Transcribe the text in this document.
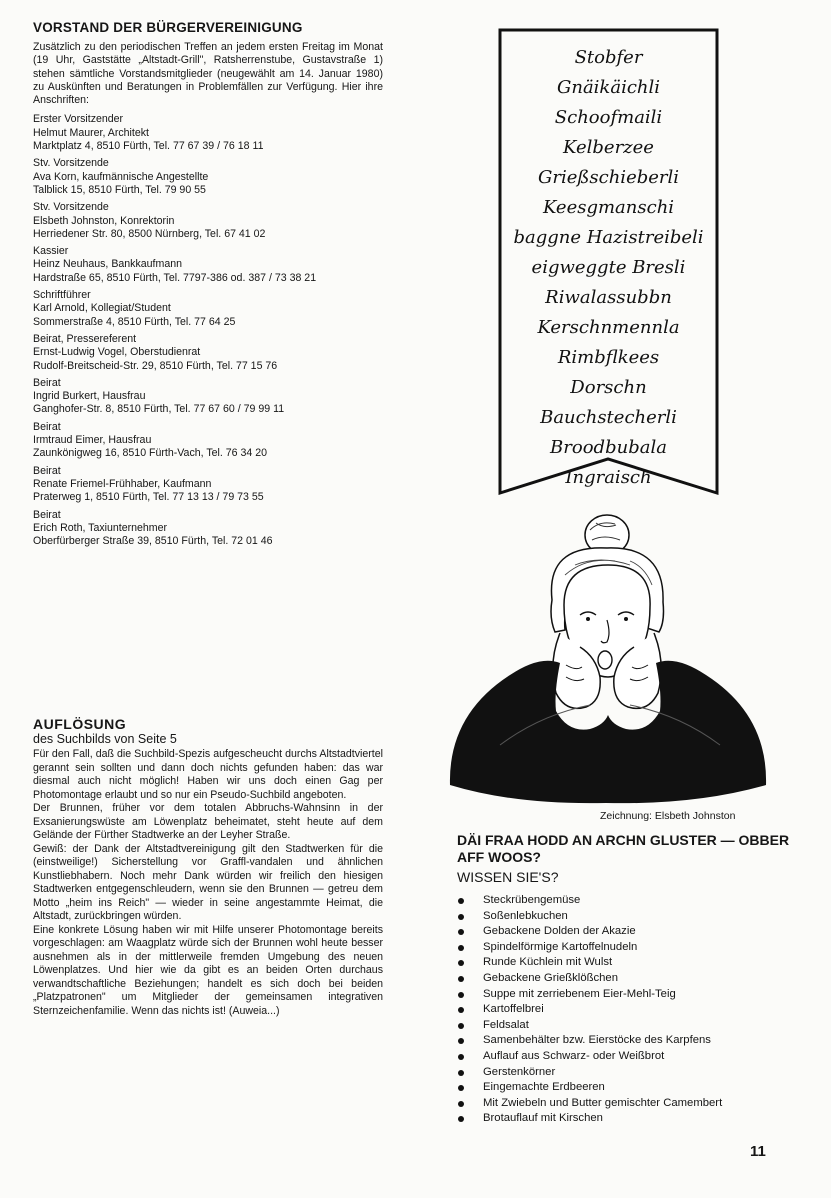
VORSTAND DER BÜRGERVEREINIGUNG
Zusätzlich zu den periodischen Treffen an jedem ersten Freitag im Monat (19 Uhr, Gaststätte „Altstadt-Grill", Ratsherrenstube, Gustavstraße 1) stehen sämtliche Vorstandsmitglieder (neugewählt am 14. Januar 1980) zu Auskünften und Beratungen in Problemfällen zur Verfügung. Hier ihre Anschriften:
Erster Vorsitzender
Helmut Maurer, Architekt
Marktplatz 4, 8510 Fürth, Tel. 77 67 39 / 76 18 11
Stv. Vorsitzende
Ava Korn, kaufmännische Angestellte
Talblick 15, 8510 Fürth, Tel. 79 90 55
Stv. Vorsitzende
Elsbeth Johnston, Konrektorin
Herriedener Str. 80, 8500 Nürnberg, Tel. 67 41 02
Kassier
Heinz Neuhaus, Bankkaufmann
Hardstraße 65, 8510 Fürth, Tel. 7797-386 od. 387 / 73 38 21
Schriftführer
Karl Arnold, Kollegiat/Student
Sommerstraße 4, 8510 Fürth, Tel. 77 64 25
Beirat, Pressereferent
Ernst-Ludwig Vogel, Oberstudienrat
Rudolf-Breitscheid-Str. 29, 8510 Fürth, Tel. 77 15 76
Beirat
Ingrid Burkert, Hausfrau
Ganghofer-Str. 8, 8510 Fürth, Tel. 77 67 60 / 79 99 11
Beirat
Irmtraud Eimer, Hausfrau
Zaunkönigweg 16, 8510 Fürth-Vach, Tel. 76 34 20
Beirat
Renate Friemel-Frühhaber, Kaufmann
Praterweg 1, 8510 Fürth, Tel. 77 13 13 / 79 73 55
Beirat
Erich Roth, Taxiunternehmer
Oberfürberger Straße 39, 8510 Fürth, Tel. 72 01 46
AUFLÖSUNG
des Suchbilds von Seite 5

Für den Fall, daß die Suchbild-Spezis aufgescheucht durchs Altstadtviertel gerannt sein sollten und dann doch nichts gefunden haben: das war diesmal auch nicht möglich! Haben wir uns doch einen Gag per Photomontage erlaubt und so nur ein Pseudo-Suchbild angeboten.

Der Brunnen, früher vor dem totalen Abbruchs-Wahnsinn in der Exsanierungswüste am Löwenplatz beheimatet, steht heute auf dem Gelände der Fürther Stadtwerke an der Leyher Straße.

Gewiß: der Dank der Altstadtvereinigung gilt den Stadtwerken für die (einstweilige!) Sicherstellung vor Graffl-vandalen und ähnlichen Kunstliebhabern. Noch mehr Dank würden wir freilich den hiesigen Stadtwerken entgegenschleudern, wenn sie den Brunnen — getreu dem Motto „heim ins Reich" — wieder in seine angestammte Heimat, die Altstadt, zurückbringen würden.

Eine konkrete Lösung haben wir mit Hilfe unserer Photomontage bereits vorgeschlagen: am Waagplatz würde sich der Brunnen wohl heute besser ausnehmen als in der mittlerweile fremden Umgebung des neuen Löwenplatzes. Und hier wie da gibt es an beiden Orten durchaus verwandtschaftliche Beziehungen; handelt es sich doch bei beiden „Platzpatronen" um Mitglieder der gemeinsamen integrativen Sternzeichenfamilie. Wenn das nichts ist! (Auweia...)

Stobfer
Gnäikäichli
Schoofmaili
Kelberzee
Grießschieberli
Keesgmanschi
baggne Hazistreibeli
eigweggte Bresli
Riwalassubbn
Kerschnmennla
Rimbflkees
Dorschn
Bauchstecherli
Broodbubala
Ingraisch
Zeichnung: Elsbeth Johnston
DÄI FRAA HODD AN ARCHN GLUSTER — OBBER AFF WOOS?
WISSEN SIE'S?
Steckrübengemüse
Soßenlebkuchen
Gebackene Dolden der Akazie
Spindelförmige Kartoffelnudeln
Runde Küchlein mit Wulst
Gebackene Grießklößchen
Suppe mit zerriebenem Eier-Mehl-Teig
Kartoffelbrei
Feldsalat
Samenbehälter bzw. Eierstöcke des Karpfens
Auflauf aus Schwarz- oder Weißbrot
Gerstenkörner
Eingemachte Erdbeeren
Mit Zwiebeln und Butter gemischter Camembert
Brotauflauf mit Kirschen
11
